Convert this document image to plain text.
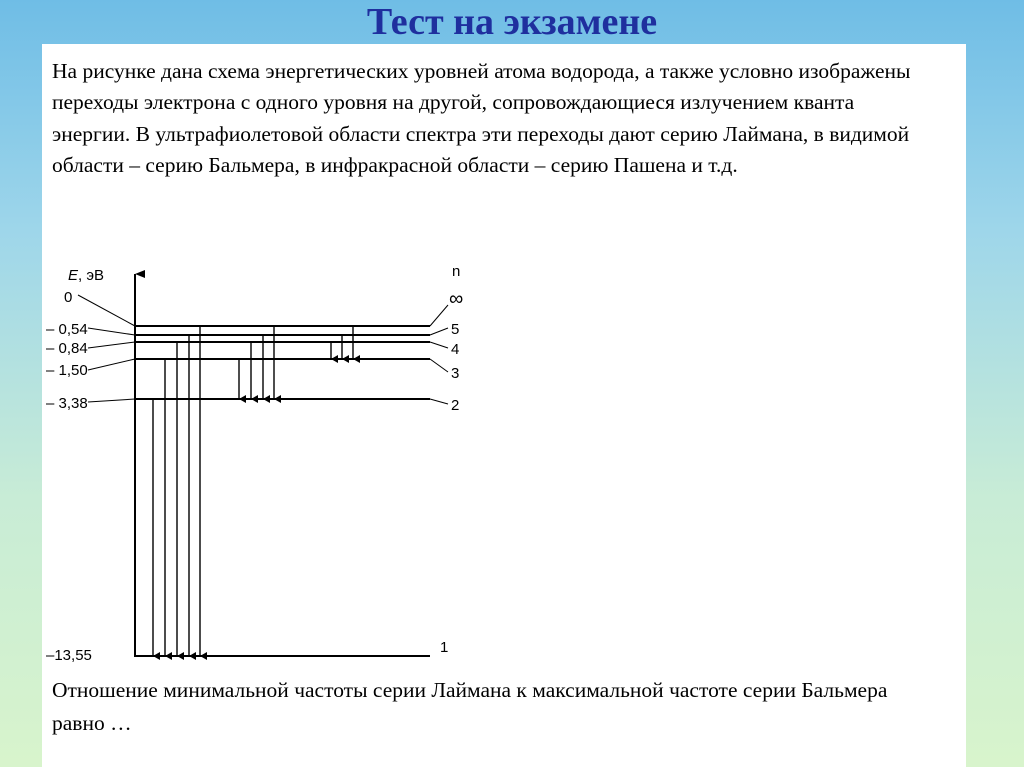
Тест на экзамене
На рисунке дана схема энергетических уровней атома водорода, а также условно изображены переходы электрона с одного уровня на другой, сопровождающиеся излучением кванта энергии. В ультрафиолетовой области спектра эти переходы дают серию Лаймана, в видимой области – серию Бальмера, в инфракрасной области – серию Пашена и т.д.
E, эВ	n
0
– 0,54
– 0,84
– 1,50
– 3,38
–13,55
∞
5
4
3
2
1
Отношение минимальной частоты серии Лаймана к максимальной частоте серии Бальмера равно …
